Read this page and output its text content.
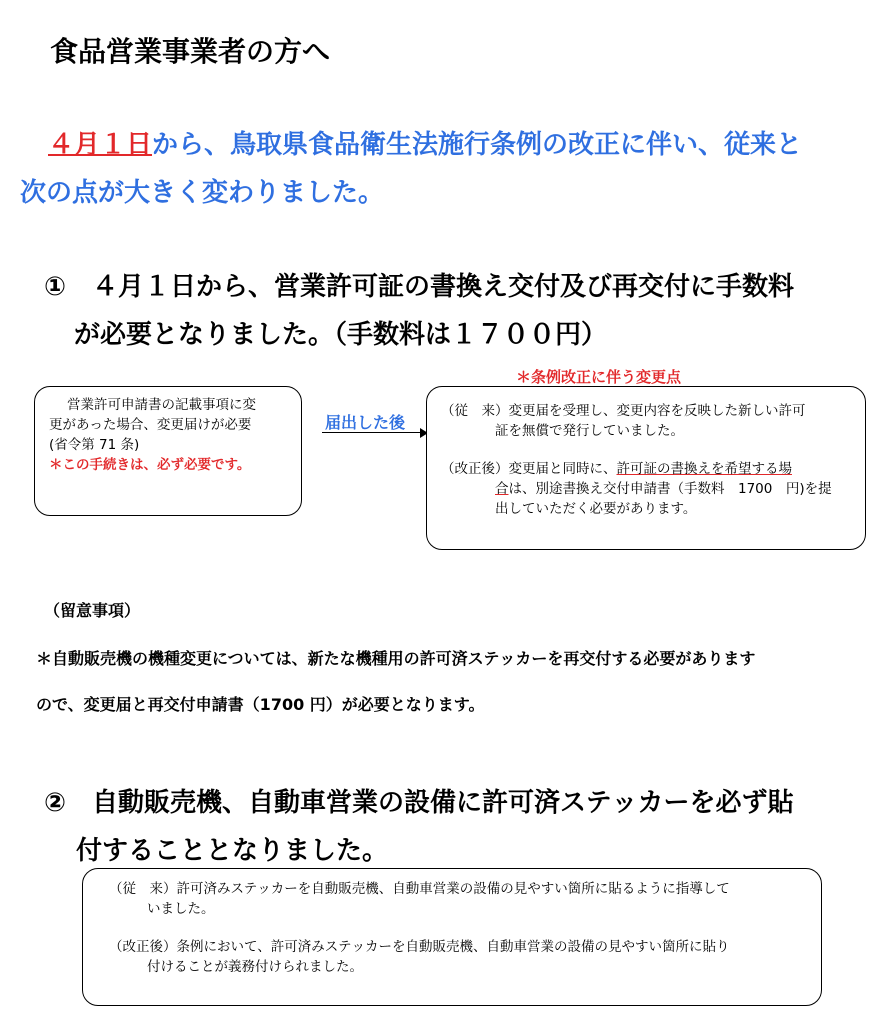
食品営業事業者の方へ
４月１日から、鳥取県食品衛生法施行条例の改正に伴い、従来と
次の点が大きく変わりました。
①　４月１日から、営業許可証の書換え交付及び再交付に手数料
が必要となりました。（手数料は１７００円）
＊条例改正に伴う変更点
営業許可申請書の記載事項に変
更があった場合、変更届けが必要
(省令第 71 条)
＊この手続きは、必ず必要です。
届出した後
（従　来）変更届を受理し、変更内容を反映した新しい許可
証を無償で発行していました。
（改正後）変更届と同時に、許可証の書換えを希望する場
合は、別途書換え交付申請書（手数料　1700　円)を提
出していただく必要があります。
（留意事項）
＊自動販売機の機種変更については、新たな機種用の許可済ステッカーを再交付する必要があります
ので、変更届と再交付申請書（1700 円）が必要となります。
②　自動販売機、自動車営業の設備に許可済ステッカーを必ず貼
付することとなりました。
（従　来）許可済みステッカーを自動販売機、自動車営業の設備の見やすい箇所に貼るように指導して
いました。
（改正後）条例において、許可済みステッカーを自動販売機、自動車営業の設備の見やすい箇所に貼り
付けることが義務付けられました。
